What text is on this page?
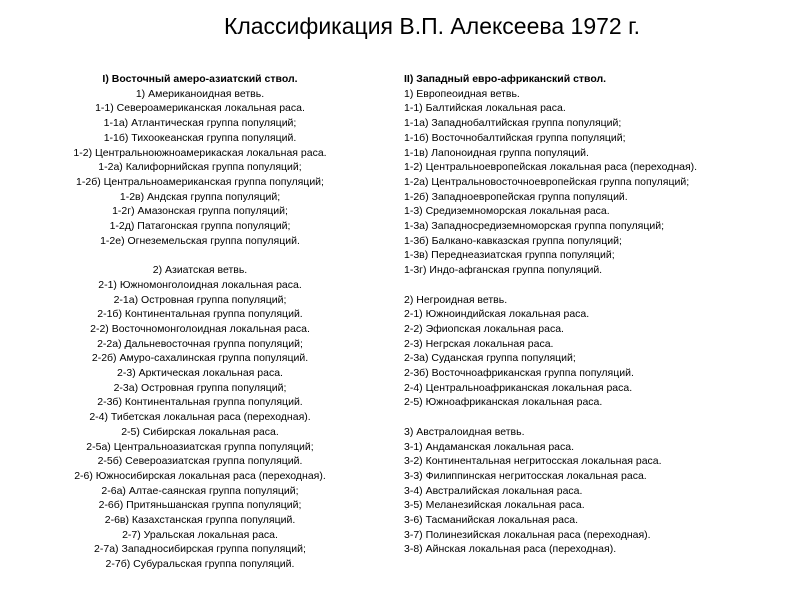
Классификация В.П. Алексеева 1972 г.
I) Восточный амеро-азиатский ствол.
1) Американоидная ветвь.
1-1) Североамериканская локальная раса.
1-1а) Атлантическая группа популяций;
1-1б) Тихоокеанская группа популяций.
1-2) Центральноюжноамерикаская локальная раса.
1-2а) Калифорнийская группа популяций;
1-2б) Центральноамериканская группа популяций;
1-2в) Андская группа популяций;
1-2г) Амазонская группа популяций;
1-2д) Патагонская группа популяций;
1-2е) Огнеземельская группа популяций.
2) Азиатская ветвь.
2-1) Южномонголоидная локальная раса.
2-1а) Островная группа популяций;
2-1б) Континентальная группа популяций.
2-2) Восточномонголоидная локальная раса.
2-2а) Дальневосточная группа популяций;
2-2б) Амуро-сахалинская группа популяций.
2-3) Арктическая локальная раса.
2-3а) Островная группа популяций;
2-3б) Континентальная группа популяций.
2-4) Тибетская локальная раса (переходная).
2-5) Сибирская локальная раса.
2-5а) Центральноазиатская группа популяций;
2-5б) Североазиатская группа популяций.
2-6) Южносибирская локальная раса (переходная).
2-6а) Алтае-саянская группа популяций;
2-6б) Притяньшанская группа популяций;
2-6в) Казахстанская группа популяций.
2-7) Уральская локальная раса.
2-7а) Западносибирская группа популяций;
2-7б) Субуральская группа популяций.
II) Западный евро-африканский ствол.
1) Европеоидная ветвь.
1-1) Балтийская локальная раса.
1-1а) Западнобалтийская группа популяций;
1-1б) Восточнобалтийская группа популяций;
1-1в) Лапоноидная группа популяций.
1-2) Центральноевропейская локальная раса (переходная).
1-2а) Центральновосточноевропейская группа популяций;
1-2б) Западноевропейская группа популяций.
1-3) Средиземноморская локальная раса.
1-3а) Западносредиземноморская группа популяций;
1-3б) Балкано-кавказская группа популяций;
1-3в) Переднеазиатская группа популяций;
1-3г) Индо-афганская группа популяций.
2) Негроидная ветвь.
2-1) Южноиндийская локальная раса.
2-2) Эфиопская локальная раса.
2-3) Негрская локальная раса.
2-3а) Суданская группа популяций;
2-3б) Восточноафриканская группа популяций.
2-4) Центральноафриканская локальная раса.
2-5) Южноафриканская локальная раса.
3) Австралоидная ветвь.
3-1) Андаманская локальная раса.
3-2) Континентальная негритосская локальная раса.
3-3) Филиппинская негритосская локальная раса.
3-4) Австралийская локальная раса.
3-5) Меланезийская локальная раса.
3-6) Тасманийская локальная раса.
3-7) Полинезийская локальная раса (переходная).
3-8) Айнская локальная раса (переходная).
